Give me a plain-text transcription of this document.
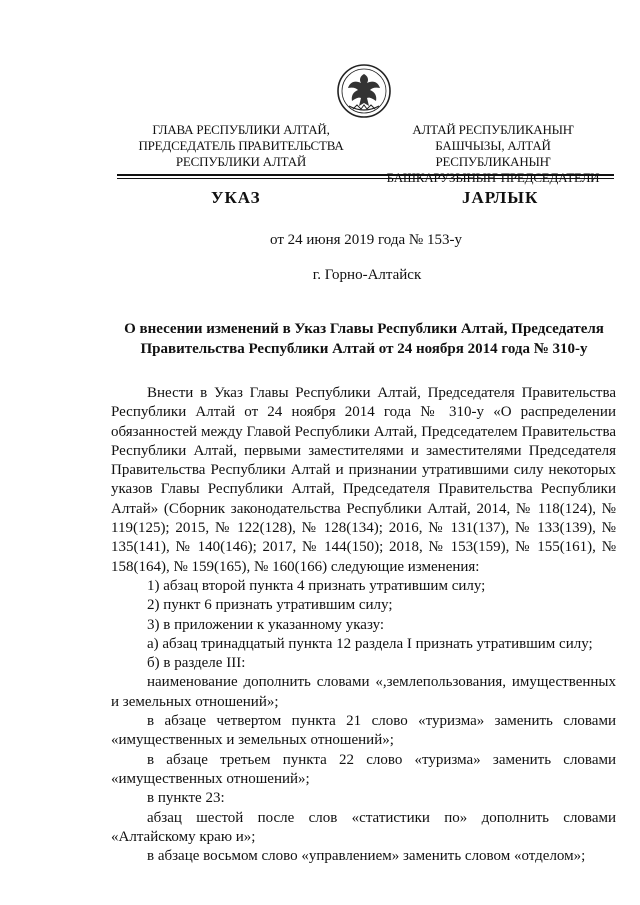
ГЛАВА РЕСПУБЛИКИ АЛТАЙ,
ПРЕДСЕДАТЕЛЬ ПРАВИТЕЛЬСТВА
РЕСПУБЛИКИ АЛТАЙ
АЛТАЙ РЕСПУБЛИКАНЫҤ
БАШЧЫЗЫ, АЛТАЙ РЕСПУБЛИКАНЫҤ
УКАЗ	ЈАРЛЫК
от 24 июня 2019 года № 153-у
г. Горно-Алтайск
О внесении изменений в Указ Главы Республики Алтай, Председателя Правительства Республики Алтай от 24 ноября 2014 года № 310-у

Внести в Указ Главы Республики Алтай, Председателя Правительства Республики Алтай от 24 ноября 2014 года № 310-у «О распределении обязанностей между Главой Республики Алтай, Председателем Правительства Республики Алтай, первыми заместителями и заместителями Председателя Правительства Республики Алтай и признании утратившими силу некоторых указов Главы Республики Алтай, Председателя Правительства Республики Алтай» (Сборник законодательства Республики Алтай, 2014, № 118(124), № 119(125); 2015, № 122(128), № 128(134); 2016, № 131(137), № 133(139), № 135(141), № 140(146); 2017, № 144(150); 2018, № 153(159), № 155(161), № 158(164), № 159(165), № 160(166) следующие изменения:

1) абзац второй пункта 4 признать утратившим силу;

2) пункт 6 признать утратившим силу;

3) в приложении к указанному указу:

а) абзац тринадцатый пункта 12 раздела I признать утратившим силу;

б) в разделе III:

наименование дополнить словами «,землепользования, имущественных и земельных отношений»;

в абзаце четвертом пункта 21 слово «туризма» заменить словами «имущественных и земельных отношений»;

в абзаце третьем пункта 22 слово «туризма» заменить словами «имущественных отношений»;

в пункте 23:

абзац шестой после слов «статистики по» дополнить словами «Алтайскому краю и»;

в абзаце восьмом слово «управлением» заменить словом «отделом»;
